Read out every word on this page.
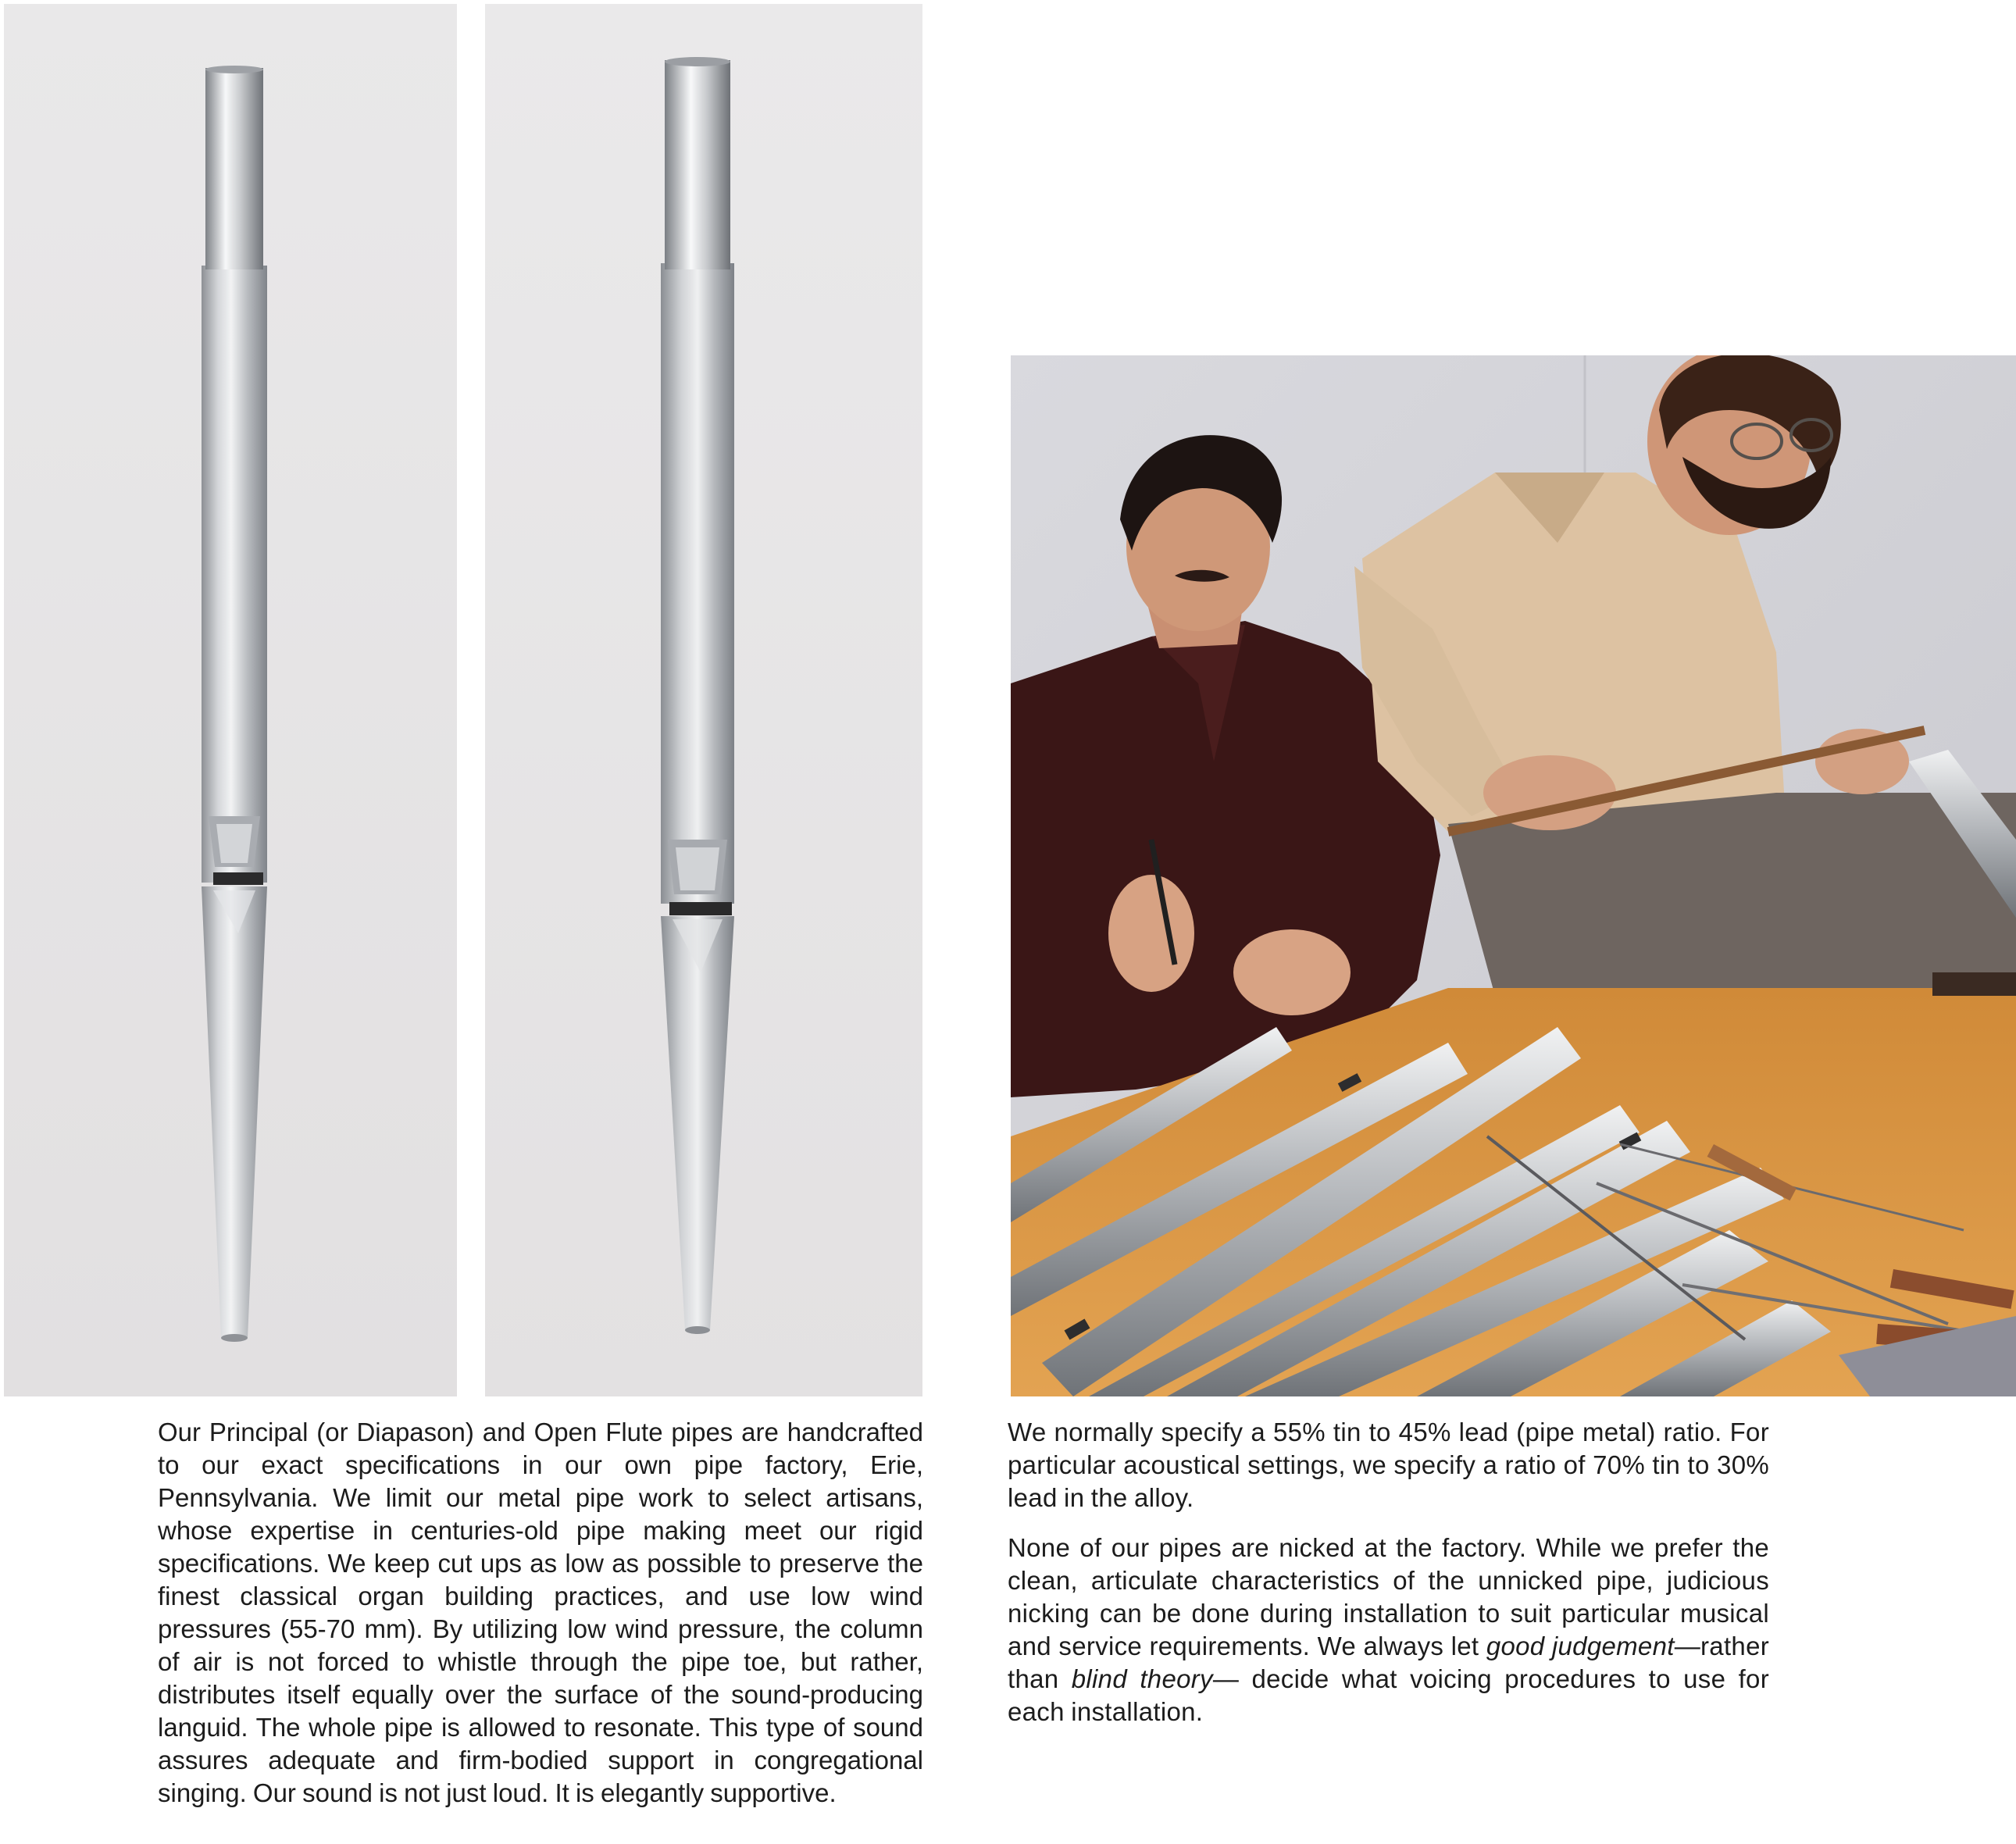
Our Principal (or Diapason) and Open Flute pipes are handcrafted to our exact specifications in our own pipe factory, Erie, Pennsylvania. We limit our metal pipe work to select artisans, whose expertise in centuries-old pipe making meet our rigid specifications. We keep cut ups as low as possible to preserve the finest classical organ building practices, and use low wind pressures (55-70 mm). By utilizing low wind pressure, the column of air is not forced to whistle through the pipe toe, but rather, distributes itself equally over the surface of the sound-producing languid. The whole pipe is allowed to resonate. This type of sound assures adequate and firm-bodied support in congregational singing. Our sound is not just loud. It is elegantly supportive.

We normally specify a 55% tin to 45% lead (pipe metal) ratio. For particular acoustical settings, we specify a ratio of 70% tin to 30% lead in the alloy.

None of our pipes are nicked at the factory. While we prefer the clean, articulate characteristics of the unnicked pipe, judicious nicking can be done during installation to suit particular musical and service requirements. We always let good judgement—rather than blind theory— decide what voicing procedures to use for each installation.
